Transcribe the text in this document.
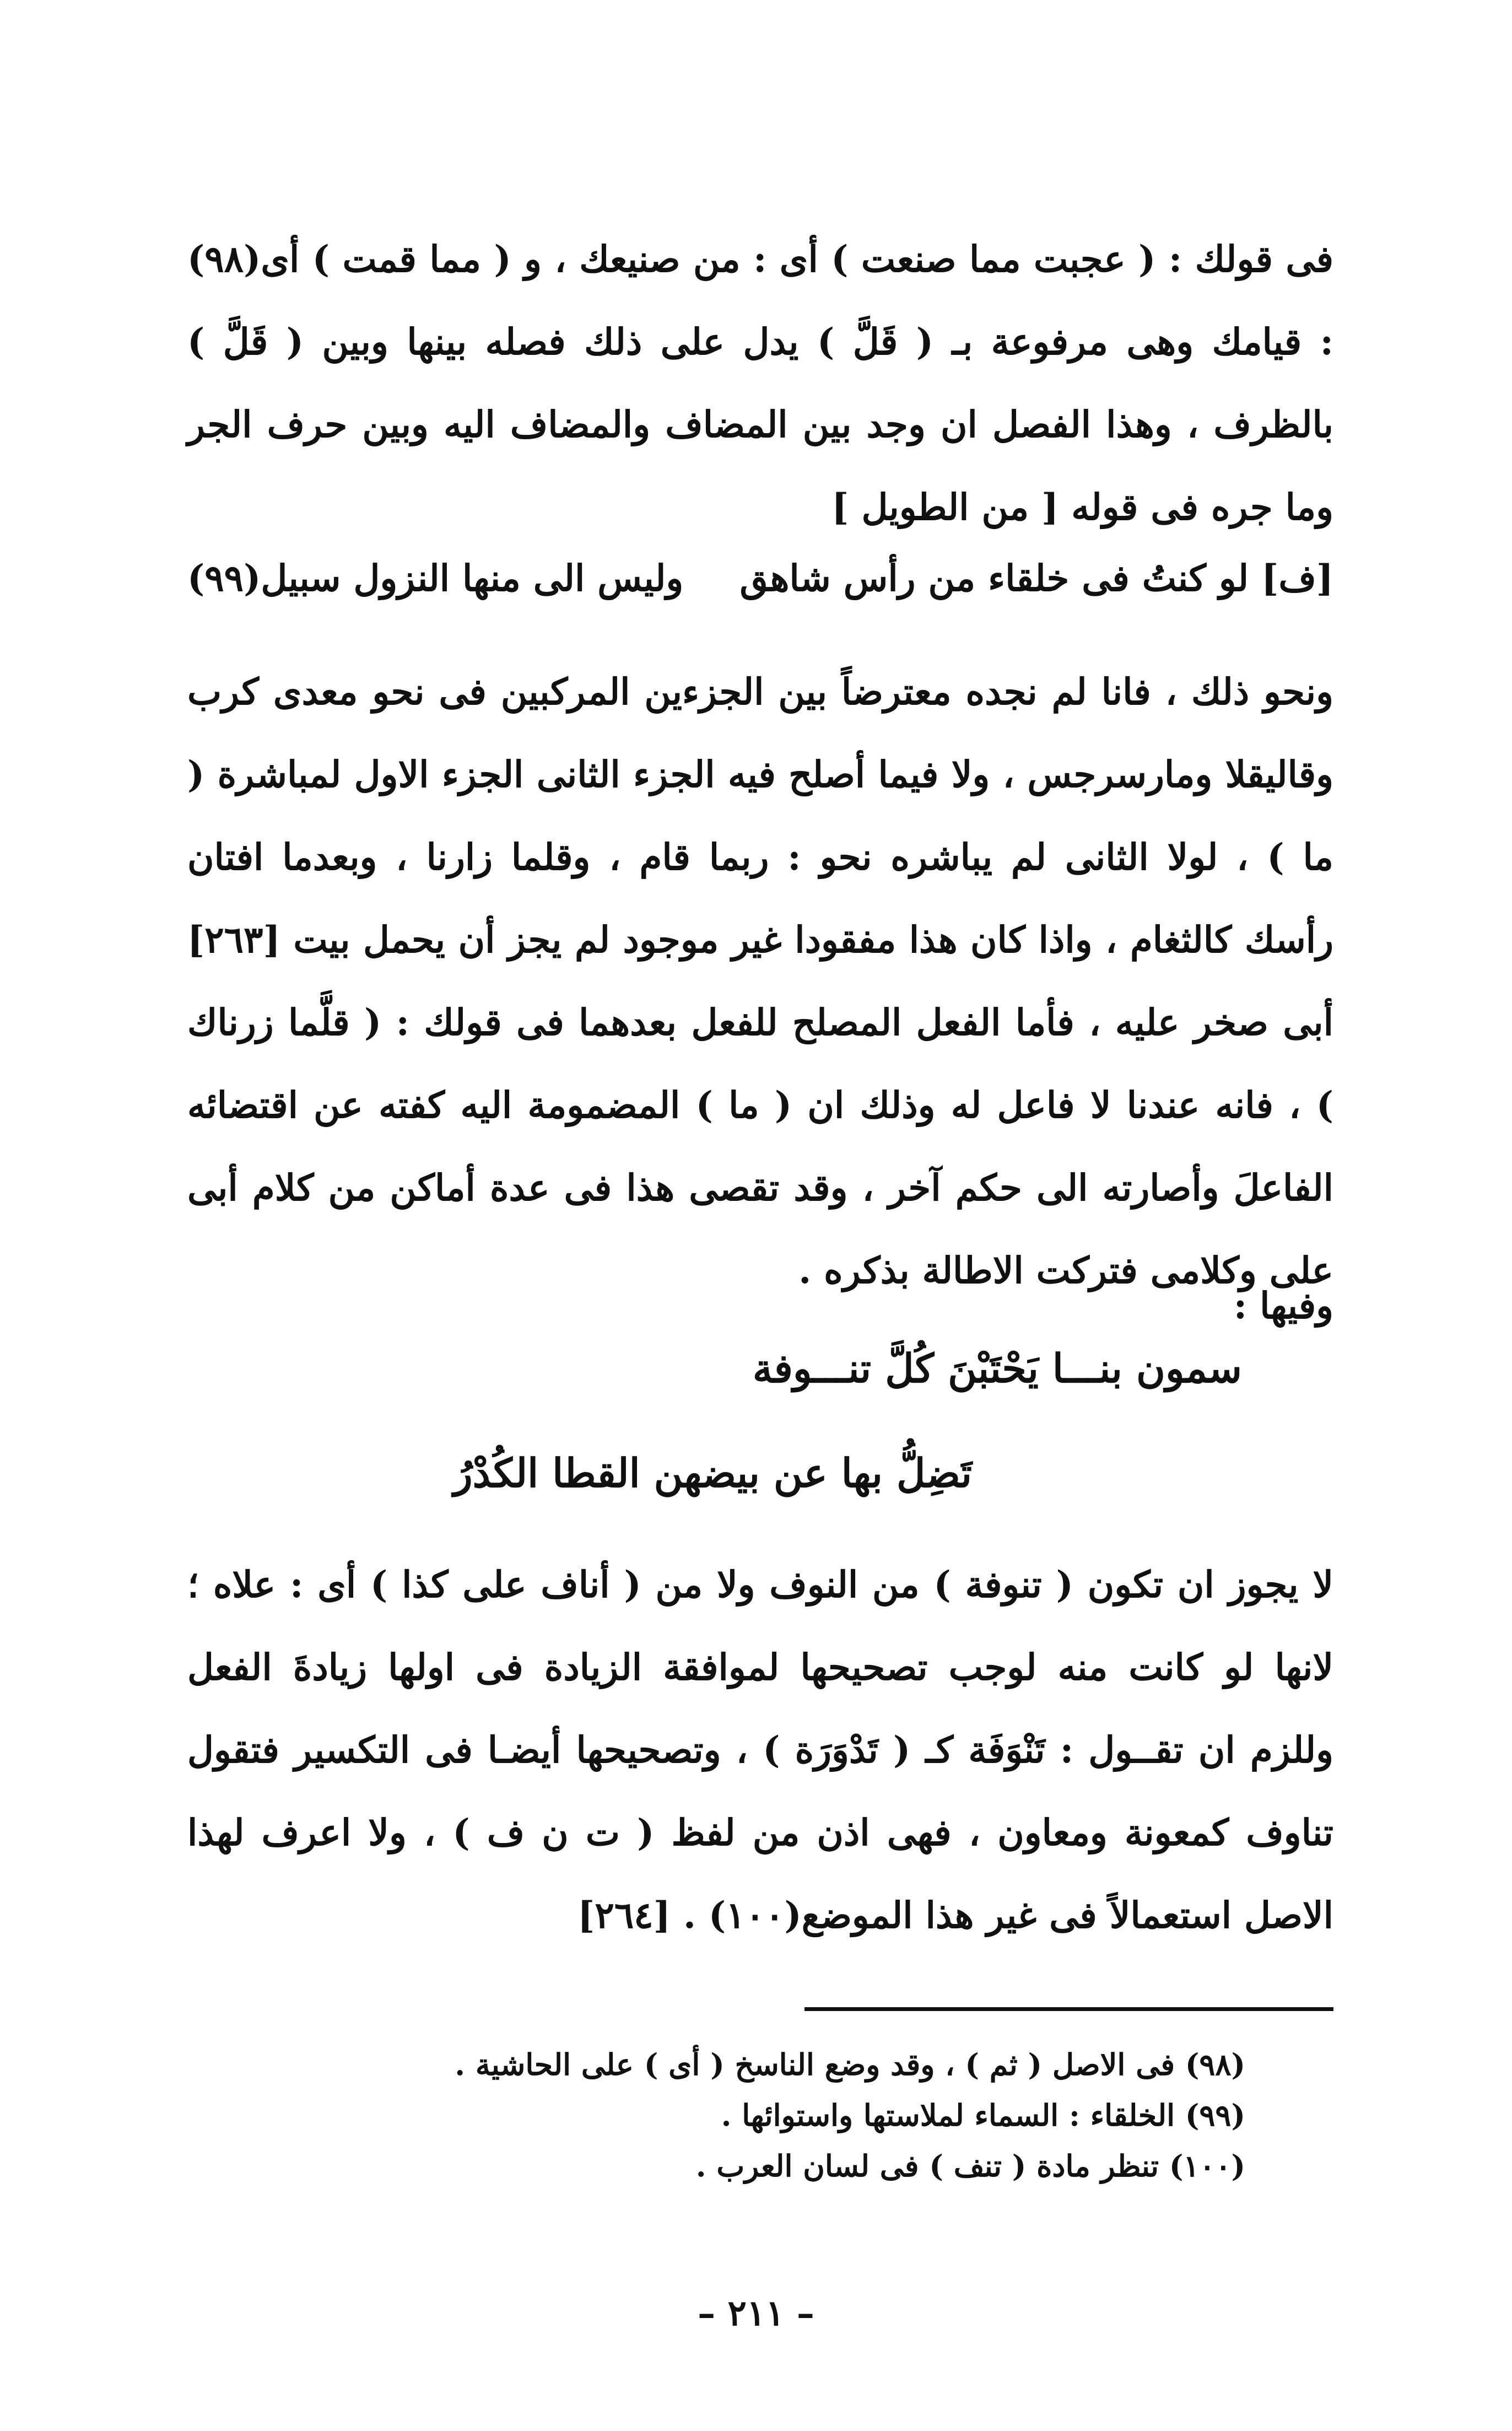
فى قولك : ( عجبت مما صنعت ) أى : من صنيعك ، و ( مما قمت ) أى(٩٨) : قيامك وهى مرفوعة بـ ( قَلَّ ) يدل على ذلك فصله بينها وبين ( قَلَّ ) بالظرف ، وهذا الفصل ان وجد بين المضاف والمضاف اليه وبين حرف الجر وما جره فى قوله [ من الطويل ]
[ف] لو كنتُ فى خلقاء من رأس شاهق
وليس الى منها النزول سبيل(٩٩)
ونحو ذلك ، فانا لم نجده معترضاً بين الجزءين المركبين فى نحو معدى كرب وقاليقلا ومارسرجس ، ولا فيما أصلح فيه الجزء الثانى الجزء الاول لمباشرة ( ما ) ، لولا الثانى لم يباشره نحو : ربما قام ، وقلما زارنا ، وبعدما افتان رأسك كالثغام ، واذا كان هذا مفقودا غير موجود لم يجز أن يحمل بيت [٢٦٣] أبى صخر عليه ، فأما الفعل المصلح للفعل بعدهما فى قولك : ( قلَّما زرناك ) ، فانه عندنا لا فاعل له وذلك ان ( ما ) المضمومة اليه كفته عن اقتضائه الفاعلَ وأصارته الى حكم آخر ، وقد تقصى هذا فى عدة أماكن من كلام أبى على وكلامى فتركت الاطالة بذكره .
وفيها :
سمون بنـــا يَحْتَبْنَ كُلَّ تنـــوفة
تَضِلُّ بها عن بيضهن القطا الكُدْرُ
لا يجوز ان تكون ( تنوفة ) من النوف ولا من ( أناف على كذا ) أى : علاه ؛ لانها لو كانت منه لوجب تصحيحها لموافقة الزيادة فى اولها زيادةَ الفعل وللزم ان تقــول : تَنْوَفَة كـ ( تَدْوَرَة ) ، وتصحيحها أيضـا فى التكسير فتقول تناوف كمعونة ومعاون ، فهى اذن من لفظ ( ت ن ف ) ، ولا اعرف لهذا الاصل استعمالاً فى غير هذا الموضع(١٠٠) . [٢٦٤]
(٩٨) فى الاصل ( ثم ) ، وقد وضع الناسخ ( أى ) على الحاشية .
(٩٩) الخلقاء : السماء لملاستها واستوائها .
(١٠٠) تنظر مادة ( تنف ) فى لسان العرب .
– ٢١١ –
